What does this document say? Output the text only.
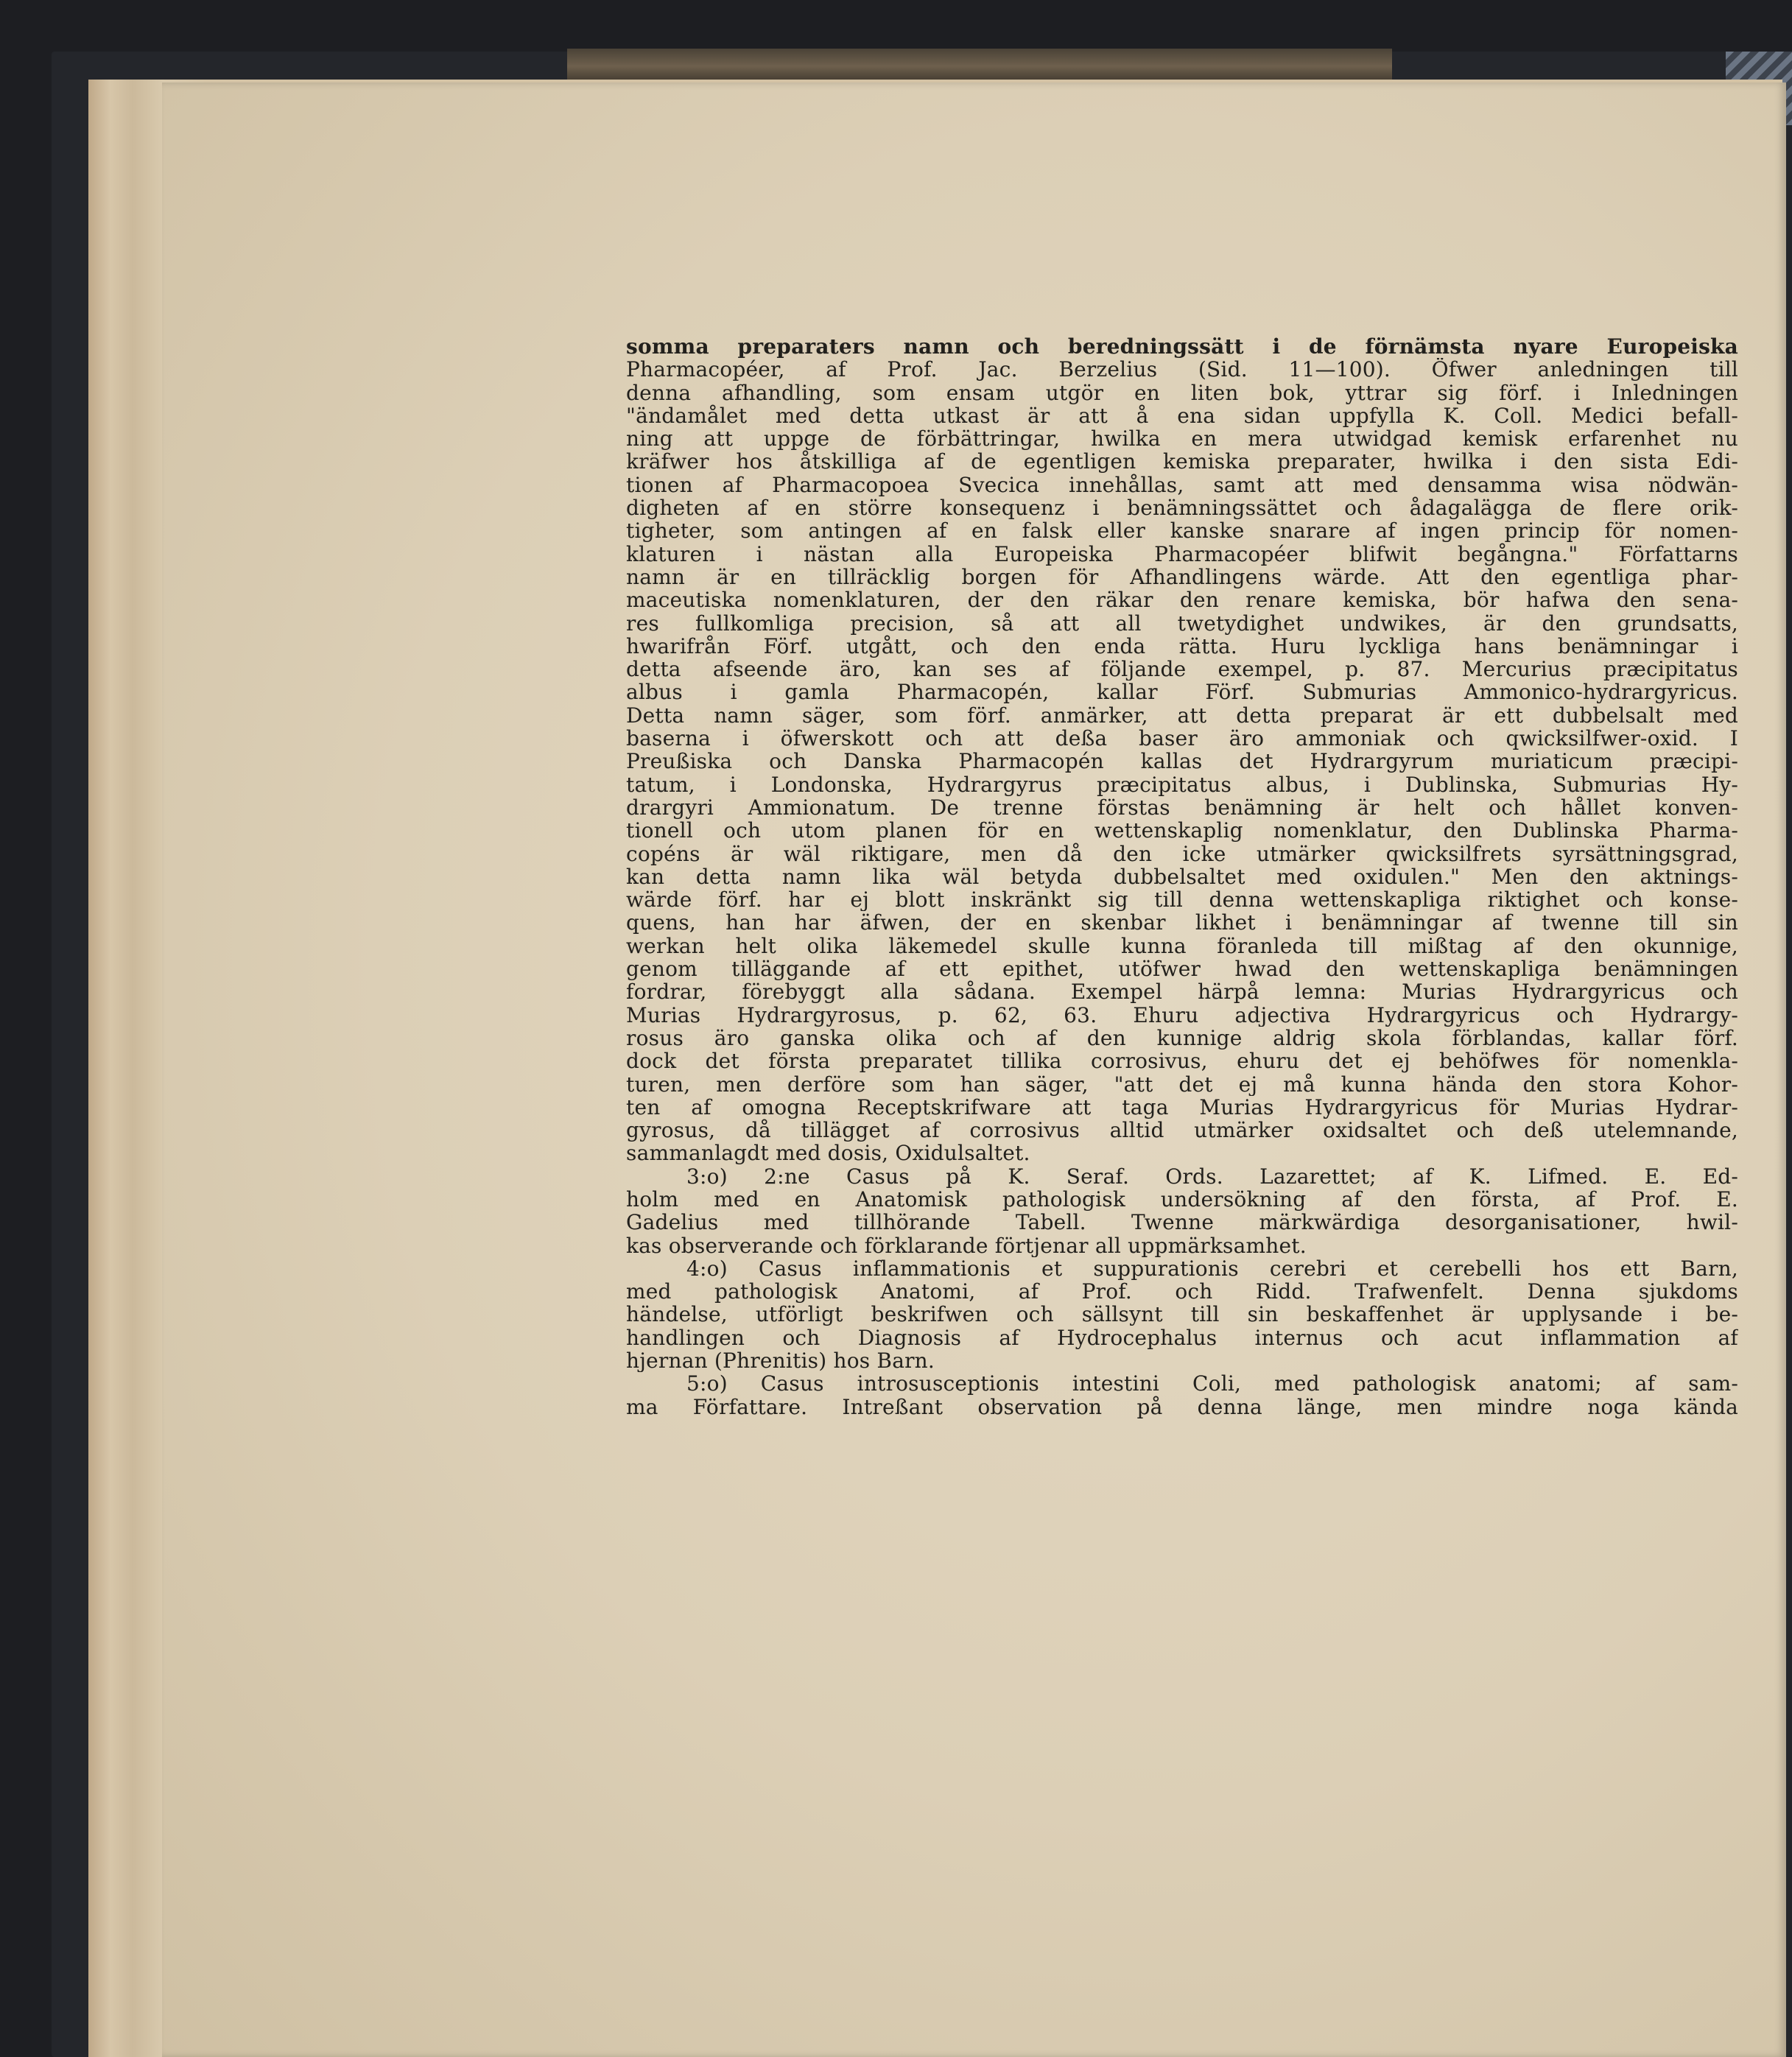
somma preparaters namn och beredningssätt i de förnämsta nyare Europeiska
Pharmacopéer, af Prof. Jac. Berzelius (Sid. 11—100). Öfwer anledningen till
denna afhandling, som ensam utgör en liten bok, yttrar sig förf. i Inledningen
"ändamålet med detta utkast är att å ena sidan uppfylla K. Coll. Medici befall-
ning att uppge de förbättringar, hwilka en mera utwidgad kemisk erfarenhet nu
kräfwer hos åtskilliga af de egentligen kemiska preparater, hwilka i den sista Edi-
tionen af Pharmacopoea Svecica innehållas, samt att med densamma wisa nödwän-
digheten af en större konsequenz i benämningssättet och ådagalägga de flere orik-
tigheter, som antingen af en falsk eller kanske snarare af ingen princip för nomen-
klaturen i nästan alla Europeiska Pharmacopéer blifwit begångna." Författarns
namn är en tillräcklig borgen för Afhandlingens wärde. Att den egentliga phar-
maceutiska nomenklaturen, der den räkar den renare kemiska, bör hafwa den sena-
res fullkomliga precision, så att all twetydighet undwikes, är den grundsatts,
hwarifrån Förf. utgått, och den enda rätta. Huru lyckliga hans benämningar i
detta afseende äro, kan ses af följande exempel, p. 87. Mercurius præcipitatus
albus i gamla Pharmacopén, kallar Förf. Submurias Ammonico-hydrargyricus.
Detta namn säger, som förf. anmärker, att detta preparat är ett dubbelsalt med
baserna i öfwerskott och att deßa baser äro ammoniak och qwicksilfwer-oxid. I
Preußiska och Danska Pharmacopén kallas det Hydrargyrum muriaticum præcipi-
tatum, i Londonska, Hydrargyrus præcipitatus albus, i Dublinska, Submurias Hy-
drargyri Ammionatum. De trenne förstas benämning är helt och hållet konven-
tionell och utom planen för en wettenskaplig nomenklatur, den Dublinska Pharma-
copéns är wäl riktigare, men då den icke utmärker qwicksilfrets syrsättningsgrad,
kan detta namn lika wäl betyda dubbelsaltet med oxidulen." Men den aktnings-
wärde förf. har ej blott inskränkt sig till denna wettenskapliga riktighet och konse-
quens, han har äfwen, der en skenbar likhet i benämningar af twenne till sin
werkan helt olika läkemedel skulle kunna föranleda till mißtag af den okunnige,
genom tilläggande af ett epithet, utöfwer hwad den wettenskapliga benämningen
fordrar, förebyggt alla sådana. Exempel härpå lemna: Murias Hydrargyricus och
Murias Hydrargyrosus, p. 62, 63. Ehuru adjectiva Hydrargyricus och Hydrargy-
rosus äro ganska olika och af den kunnige aldrig skola förblandas, kallar förf.
dock det första preparatet tillika corrosivus, ehuru det ej behöfwes för nomenkla-
turen, men derföre som han säger, "att det ej må kunna hända den stora Kohor-
ten af omogna Receptskrifware att taga Murias Hydrargyricus för Murias Hydrar-
gyrosus, då tillägget af corrosivus alltid utmärker oxidsaltet och deß utelemnande,
sammanlagdt med dosis, Oxidulsaltet.
3:o) 2:ne Casus på K. Seraf. Ords. Lazarettet; af K. Lifmed. E. Ed-
holm med en Anatomisk pathologisk undersökning af den första, af Prof. E.
Gadelius med tillhörande Tabell. Twenne märkwärdiga desorganisationer, hwil-
kas observerande och förklarande förtjenar all uppmärksamhet.
4:o) Casus inflammationis et suppurationis cerebri et cerebelli hos ett Barn,
med pathologisk Anatomi, af Prof. och Ridd. Trafwenfelt. Denna sjukdoms
händelse, utförligt beskrifwen och sällsynt till sin beskaffenhet är upplysande i be-
handlingen och Diagnosis af Hydrocephalus internus och acut inflammation af
hjernan (Phrenitis) hos Barn.
5:o) Casus introsusceptionis intestini Coli, med pathologisk anatomi; af sam-
ma Författare. Intreßant observation på denna länge, men mindre noga kända
